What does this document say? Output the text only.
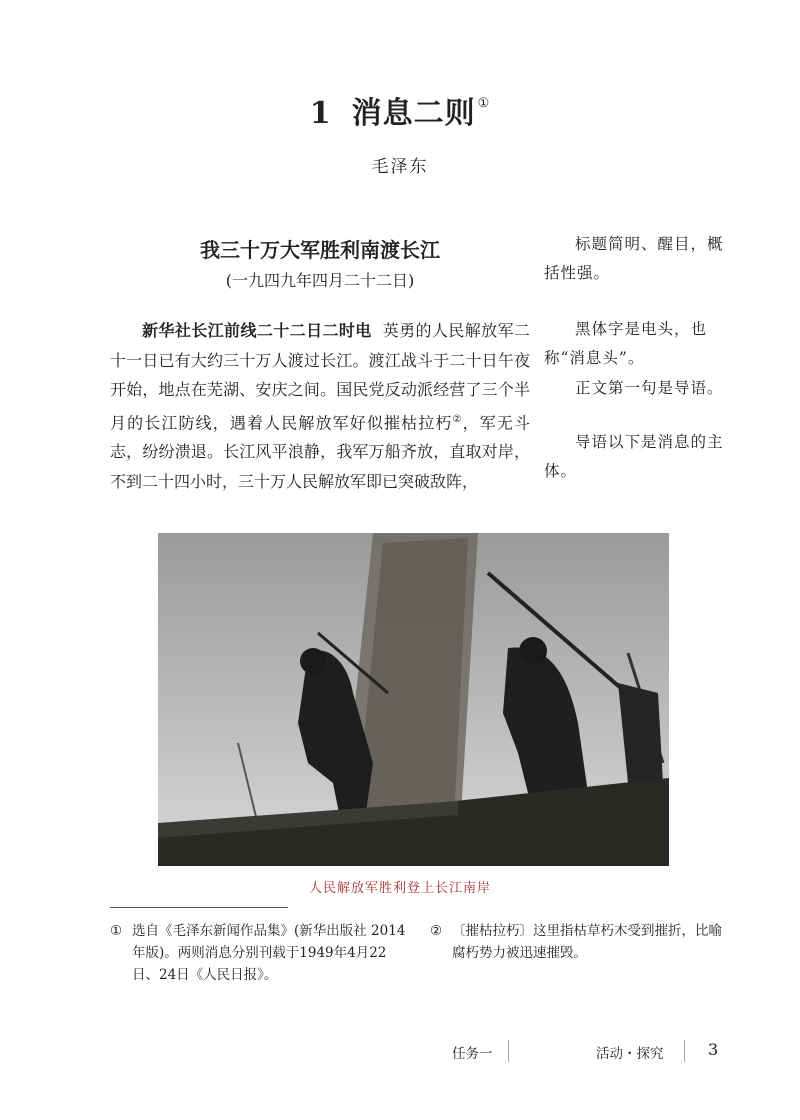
1 消息二则 ①
毛泽东
我三十万大军胜利南渡长江
(一九四九年四月二十二日)
新华社长江前线二十二日二时电 英勇的人民解放军二十一日已有大约三十万人渡过长江。渡江战斗于二十日午夜开始，地点在芜湖、安庆之间。国民党反动派经营了三个半月的长江防线，遇着人民解放军好似摧枯拉朽②，军无斗志，纷纷溃退。长江风平浪静，我军万船齐放，直取对岸，不到二十四小时，三十万人民解放军即已突破敌阵，
标题简明、醒目，概括性强。
黑体字是电头，也称“消息头”。
正文第一句是导语。
导语以下是消息的主体。
人民解放军胜利登上长江南岸
① 选自《毛泽东新闻作品集》(新华出版社 2014
年版)。两则消息分别刊载于1949年4月22
日、24日《人民日报》。
② 〔摧枯拉朽〕这里指枯草朽木受到摧折，比喻
腐朽势力被迅速摧毁。
任务一	活动・探究	3
